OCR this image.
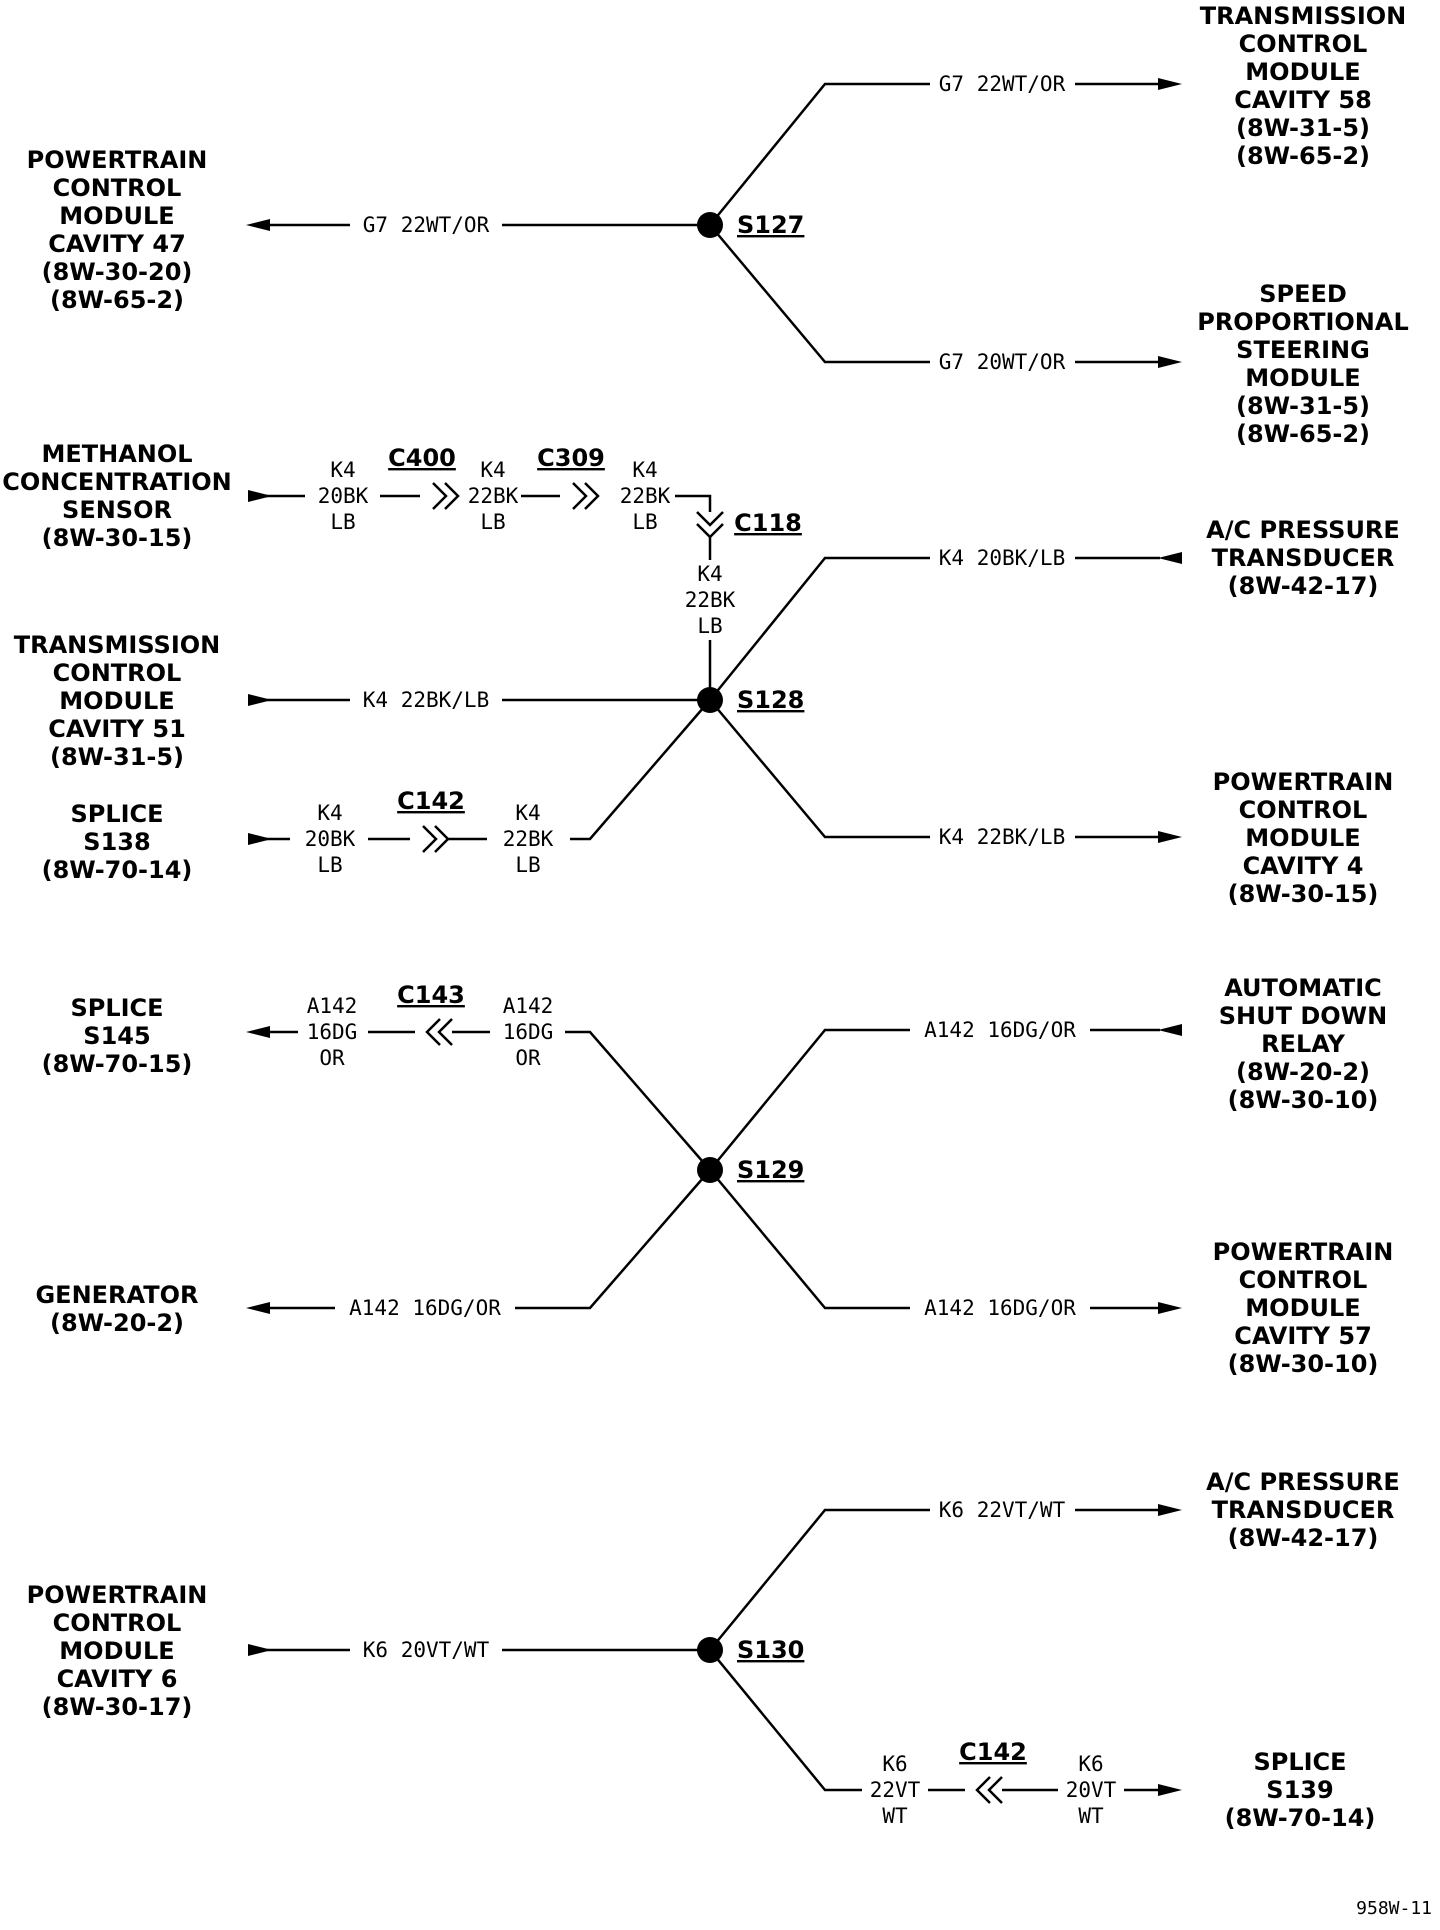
S127
G7 22WT/OR
G7 20WT/OR
G7 22WT/OR
S128
C400	C309
C118
C142
K4
20BK
LB
K4
22BK
LB
K4
22BK
LB
K4
22BK
LB
K4 20BK/LB
K4 22BK/LB
K4
20BK
LB
K4
22BK
LB
K4 22BK/LB
S129
C143
A142
16DG
OR
A142
16DG
OR
A142 16DG/OR
A142 16DG/OR	A142 16DG/OR
S130
C142
K6 22VT/WT
K6 20VT/WT
K6
22VT
WT
K6
20VT
WT
TRANSMISSION
CONTROL
MODULE
CAVITY 58
(8W-31-5)
(8W-65-2)
POWERTRAIN
CONTROL
MODULE
CAVITY 47
(8W-30-20)
(8W-65-2)	SPEED
PROPORTIONAL
STEERING
MODULE
(8W-31-5)
(8W-65-2)
METHANOL
CONCENTRATION
SENSOR
(8W-30-15)	A/C PRESSURE
TRANSDUCER
(8W-42-17)
TRANSMISSION
CONTROL
MODULE
CAVITY 51
(8W-31-5)
SPLICE
S138
(8W-70-14)
POWERTRAIN
CONTROL
MODULE
CAVITY 4
(8W-30-15)
SPLICE
S145
(8W-70-15)
AUTOMATIC
SHUT DOWN
RELAY
(8W-20-2)
(8W-30-10)
GENERATOR
(8W-20-2)
POWERTRAIN
CONTROL
MODULE
CAVITY 57
(8W-30-10)
A/C PRESSURE
TRANSDUCER
(8W-42-17)
POWERTRAIN
CONTROL
MODULE
CAVITY 6
(8W-30-17)
SPLICE
S139
(8W-70-14)
958W-11
